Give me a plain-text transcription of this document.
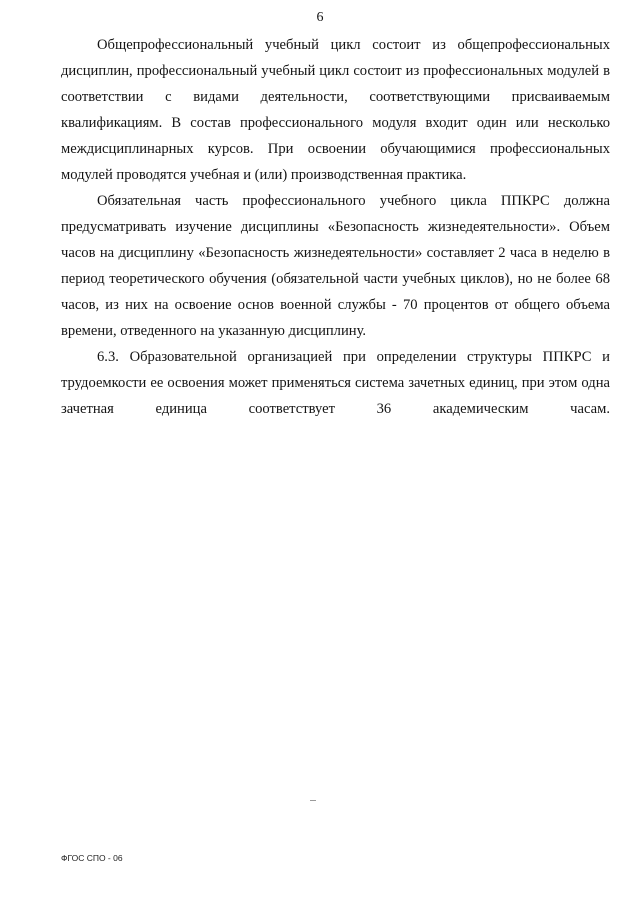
6

Общепрофессиональный учебный цикл состоит из общепрофессиональных дисциплин, профессиональный учебный цикл состоит из профессиональных модулей в соответствии с видами деятельности, соответствующими присваиваемым квалификациям. В состав профессионального модуля входит один или несколько междисциплинарных курсов. При освоении обучающимися профессиональных модулей проводятся учебная и (или) производственная практика.

Обязательная часть профессионального учебного цикла ППКРС должна предусматривать изучение дисциплины «Безопасность жизнедеятельности». Объем часов на дисциплину «Безопасность жизнедеятельности» составляет 2 часа в неделю в период теоретического обучения (обязательной части учебных циклов), но не более 68 часов, из них на освоение основ военной службы - 70 процентов от общего объема времени, отведенного на указанную дисциплину.

6.3. Образовательной организацией при определении структуры ППКРС и трудоемкости ее освоения может применяться система зачетных единиц, при этом одна зачетная единица соответствует 36 академическим часам.

ФГОС СПО - 06
